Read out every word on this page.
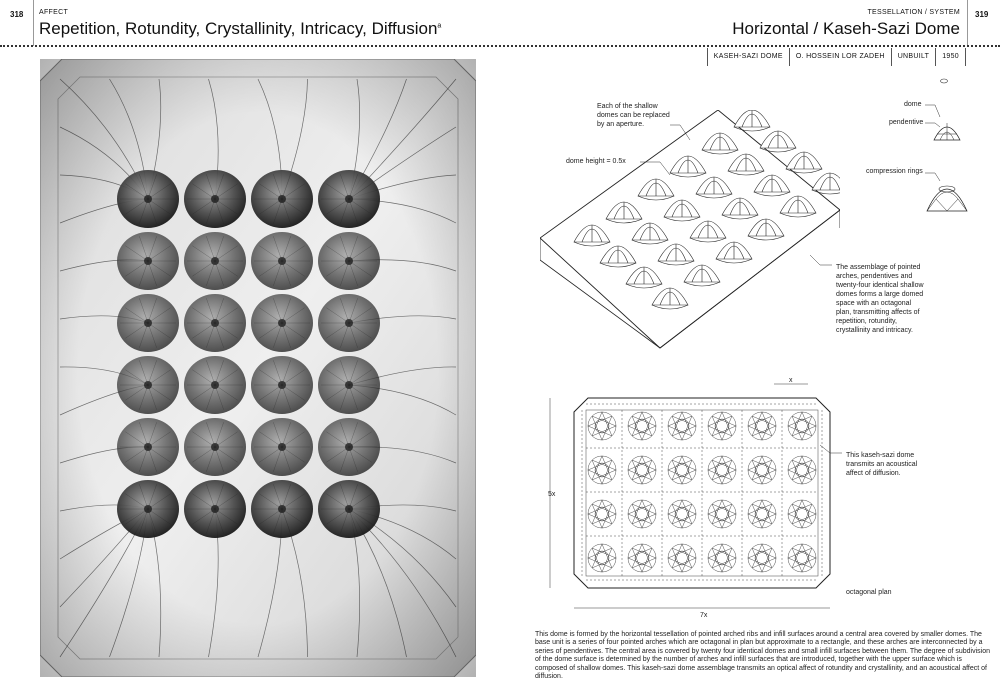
318 AFFECT
Repetition, Rotundity, Crystallinity, Intricacy, Diffusion$^a$
TESSELLATION / SYSTEM
Horizontal / Kaseh-Sazi Dome
319
KASEH-SAZI DOME	O. HOSSEIN LOR ZADEH	UNBUILT	1950
Each of the shallow domes can be replaced by an aperture.
dome height = 0.5x
dome
pendentive
compression rings
The assemblage of pointed arches, pendentives and twenty-four identical shallow domes forms a large domed space with an octagonal plan, transmitting affects of repetition, rotundity, crystallinity and intricacy.
This kaseh-sazi dome transmits an acoustical affect of diffusion.
octagonal plan
x
5x
7x
This dome is formed by the horizontal tessellation of pointed arched ribs and infill surfaces around a central area covered by smaller domes. The base unit is a series of four pointed arches which are octagonal in plan but approximate to a rectangle, and these arches are interconnected by a series of pendentives. The central area is covered by twenty four identical domes and small infill surfaces between them. The degree of subdivision of the dome surface is determined by the number of arches and infill surfaces that are introduced, together with the upper surface which is composed of shallow domes. This kaseh-sazi dome assemblage transmits an optical affect of rotundity and crystallinity, and an acoustical affect of diffusion.
